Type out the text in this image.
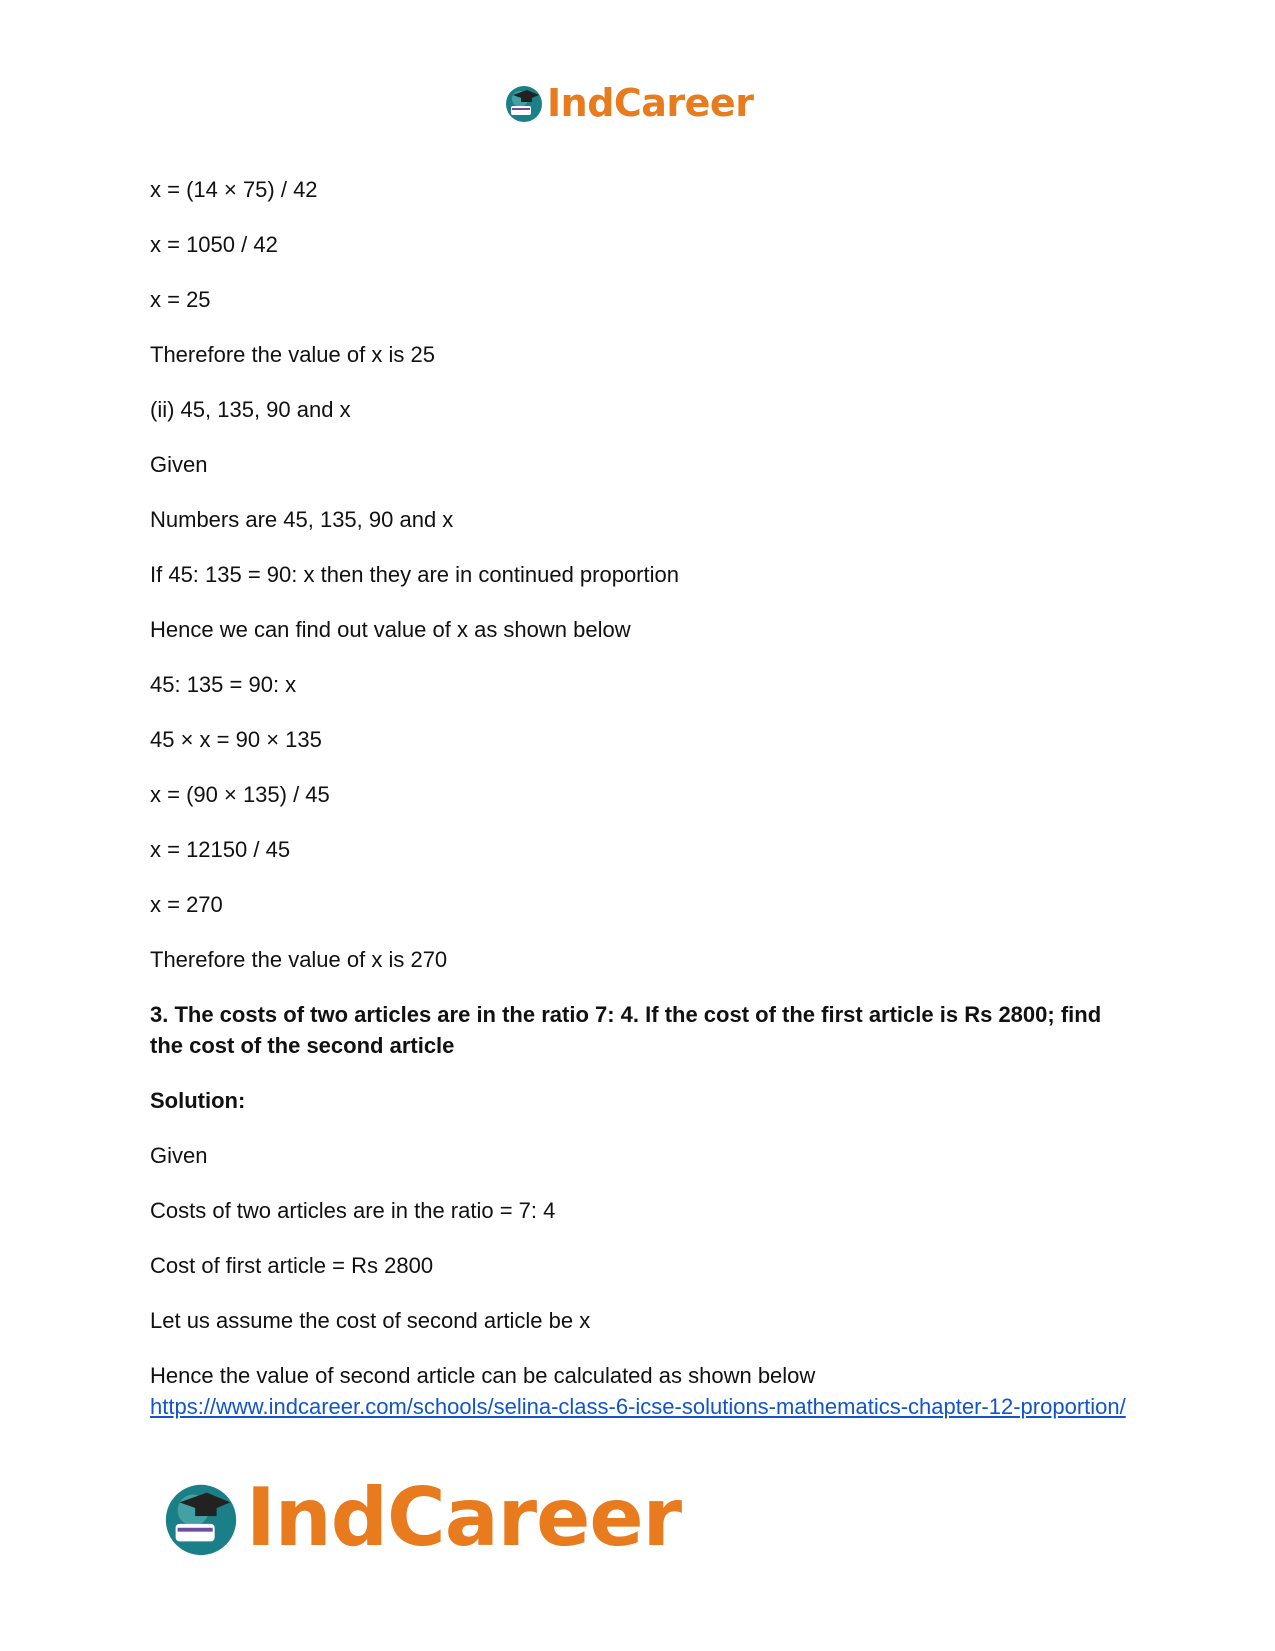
IndCareer

x = (14 × 75) / 42

x = 1050 / 42

x = 25

Therefore the value of x is 25

(ii) 45, 135, 90 and x

Given

Numbers are 45, 135, 90 and x

If 45: 135 = 90: x then they are in continued proportion

Hence we can find out value of x as shown below

45: 135 = 90: x

45 × x = 90 × 135

x = (90 × 135) / 45

x = 12150 / 45

x = 270

Therefore the value of x is 270

3. The costs of two articles are in the ratio 7: 4. If the cost of the first article is Rs 2800; find the cost of the second article

Solution:

Given

Costs of two articles are in the ratio = 7: 4

Cost of first article = Rs 2800

Let us assume the cost of second article be x

Hence the value of second article can be calculated as shown below

https://www.indcareer.com/schools/selina-class-6-icse-solutions-mathematics-chapter-12-proportion/
IndCareer
